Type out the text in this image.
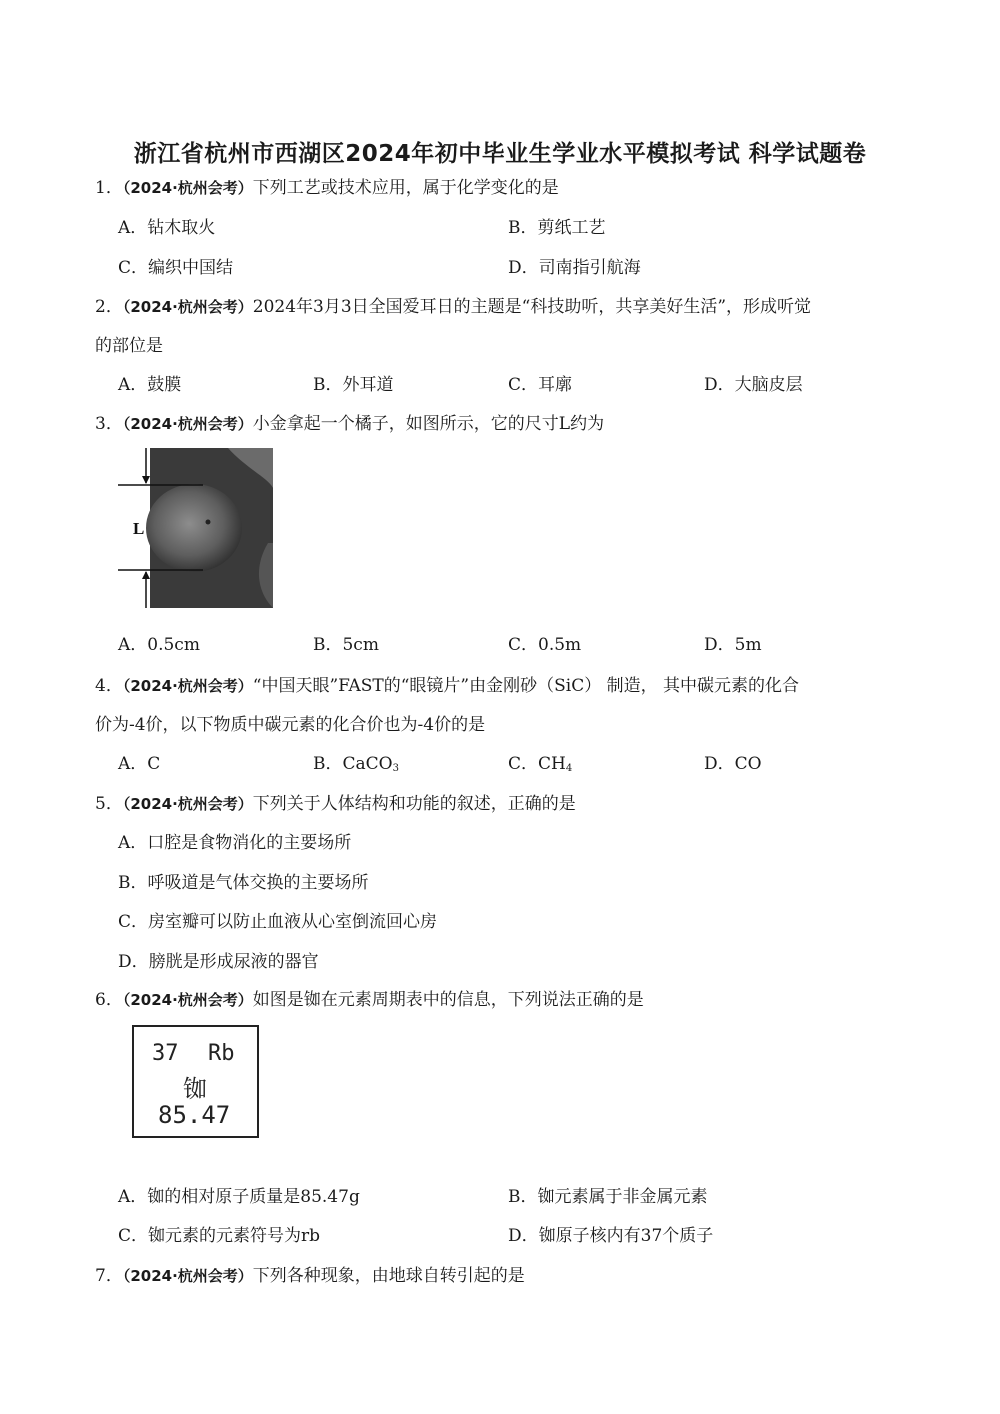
浙江省杭州市西湖区2024年初中毕业生学业水平模拟考试 科学试题卷
1．（2024·杭州会考）下列工艺或技术应用，属于化学变化的是
A．钻木取火	B．剪纸工艺
C．编织中国结	D．司南指引航海
2．（2024·杭州会考）2024年3月3日全国爱耳日的主题是“科技助听，共享美好生活”，形成听觉
的部位是
A．鼓膜	B．外耳道	C．耳廓	D．大脑皮层
3．（2024·杭州会考）小金拿起一个橘子，如图所示，它的尺寸L约为
L
A．0.5cm	B．5cm	C．0.5m	D．5m
4．（2024·杭州会考）“中国天眼”FAST的“眼镜片”由金刚砂（SiC） 制造， 其中碳元素的化合
价为-4价，以下物质中碳元素的化合价也为-4价的是
A．C	B．CaCO$_3$	C．$CH_4$	D．CO
5．（2024·杭州会考）下列关于人体结构和功能的叙述，正确的是
A．口腔是食物消化的主要场所
B．呼吸道是气体交换的主要场所
C．房室瓣可以防止血液从心室倒流回心房
D．膀胱是形成尿液的器官
6．（2024·杭州会考）如图是铷在元素周期表中的信息，下列说法正确的是
37 Rb
铷
85.47
A．铷的相对原子质量是85.47g	B．铷元素属于非金属元素
C．铷元素的元素符号为rb	D．铷原子核内有37个质子
7．（2024·杭州会考）下列各种现象，由地球自转引起的是
